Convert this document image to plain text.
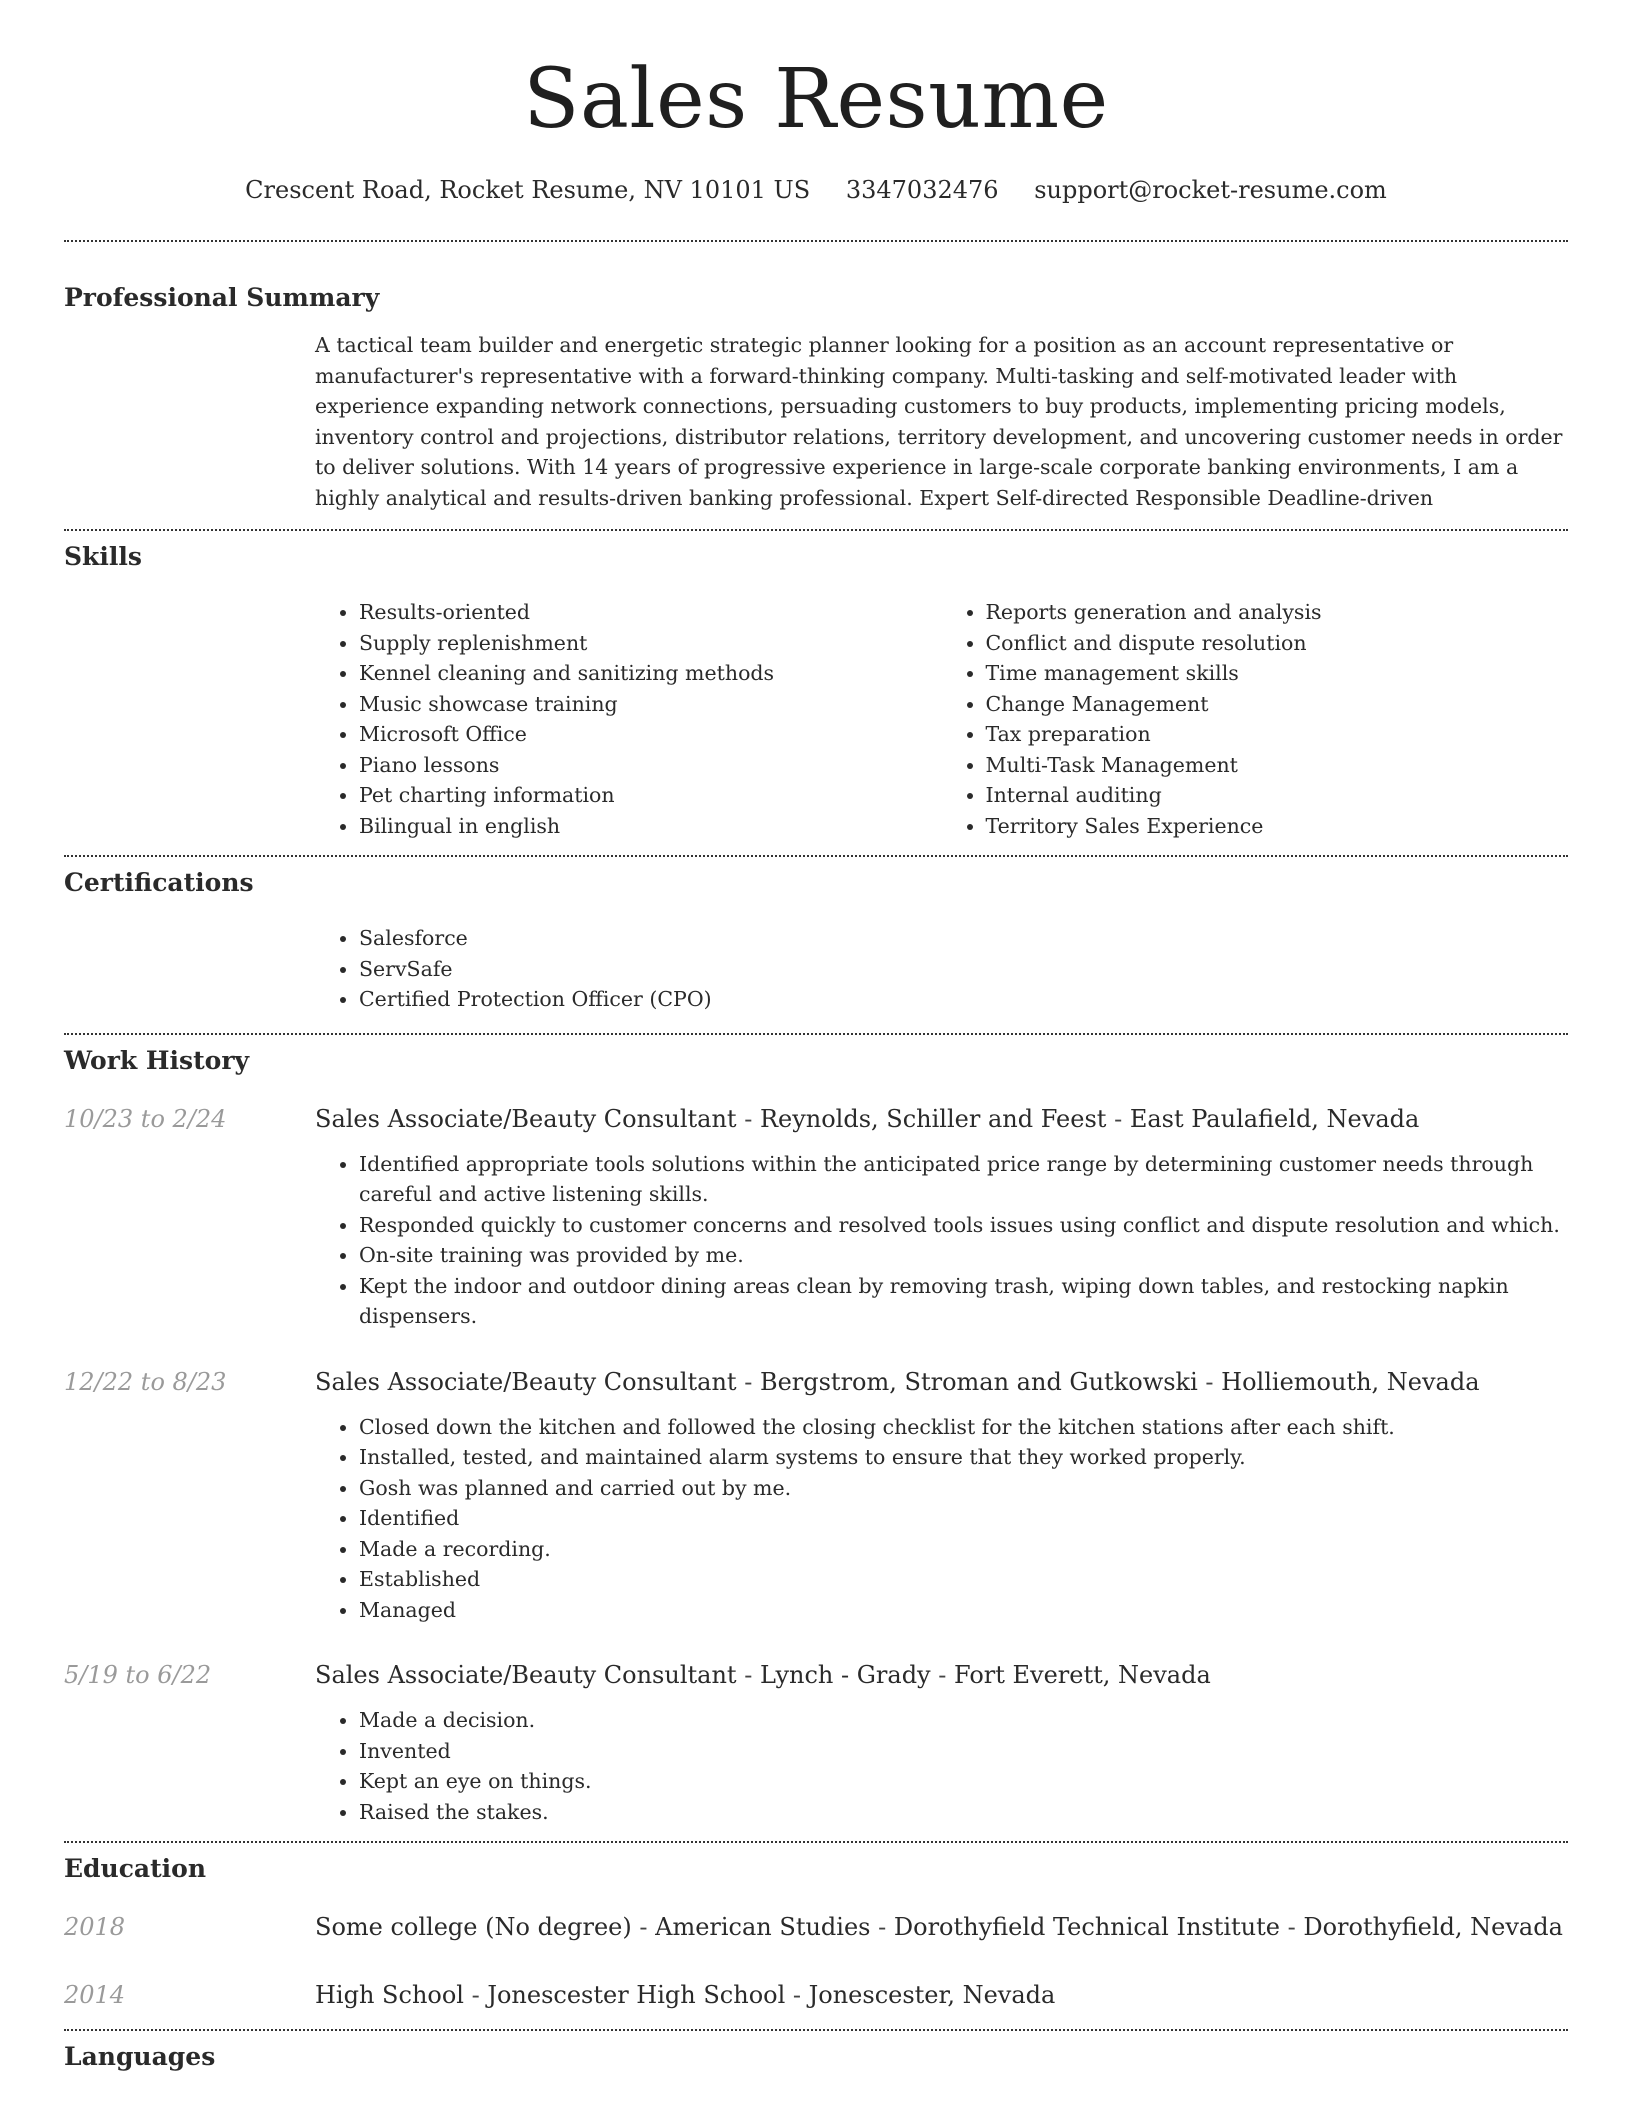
Sales Resume
Crescent Road, Rocket Resume, NV 10101 US 3347032476 support@rocket-resume.com
Professional Summary
A tactical team builder and energetic strategic planner looking for a position as an account representative or manufacturer's representative with a forward-thinking company. Multi-tasking and self-motivated leader with experience expanding network connections, persuading customers to buy products, implementing pricing models, inventory control and projections, distributor relations, territory development, and uncovering customer needs in order to deliver solutions. With 14 years of progressive experience in large-scale corporate banking environments, I am a highly analytical and results-driven banking professional. Expert Self-directed Responsible Deadline-driven
Skills
• Results-oriented
• Supply replenishment
• Kennel cleaning and sanitizing methods
• Music showcase training
• Microsoft Office
• Piano lessons
• Pet charting information
• Bilingual in english
• Reports generation and analysis
• Conflict and dispute resolution
• Time management skills
• Change Management
• Tax preparation
• Multi-Task Management
• Internal auditing
• Territory Sales Experience
Certifications
• Salesforce
• ServSafe
• Certified Protection Officer (CPO)
Work History
10/23 to 2/24	Sales Associate/Beauty Consultant - Reynolds, Schiller and Feest - East Paulafield, Nevada
• Identified appropriate tools solutions within the anticipated price range by determining customer needs through careful and active listening skills.
• Responded quickly to customer concerns and resolved tools issues using conflict and dispute resolution and which.
• On-site training was provided by me.
• Kept the indoor and outdoor dining areas clean by removing trash, wiping down tables, and restocking napkin dispensers.
12/22 to 8/23	Sales Associate/Beauty Consultant - Bergstrom, Stroman and Gutkowski - Holliemouth, Nevada
• Closed down the kitchen and followed the closing checklist for the kitchen stations after each shift.
• Installed, tested, and maintained alarm systems to ensure that they worked properly.
• Gosh was planned and carried out by me.
• Identified
• Made a recording.
• Established
• Managed
5/19 to 6/22	Sales Associate/Beauty Consultant - Lynch - Grady - Fort Everett, Nevada
• Made a decision.
• Invented
• Kept an eye on things.
• Raised the stakes.
Education
2018	Some college (No degree) - American Studies - Dorothyfield Technical Institute - Dorothyfield, Nevada
2014	High School - Jonescester High School - Jonescester, Nevada
Languages
